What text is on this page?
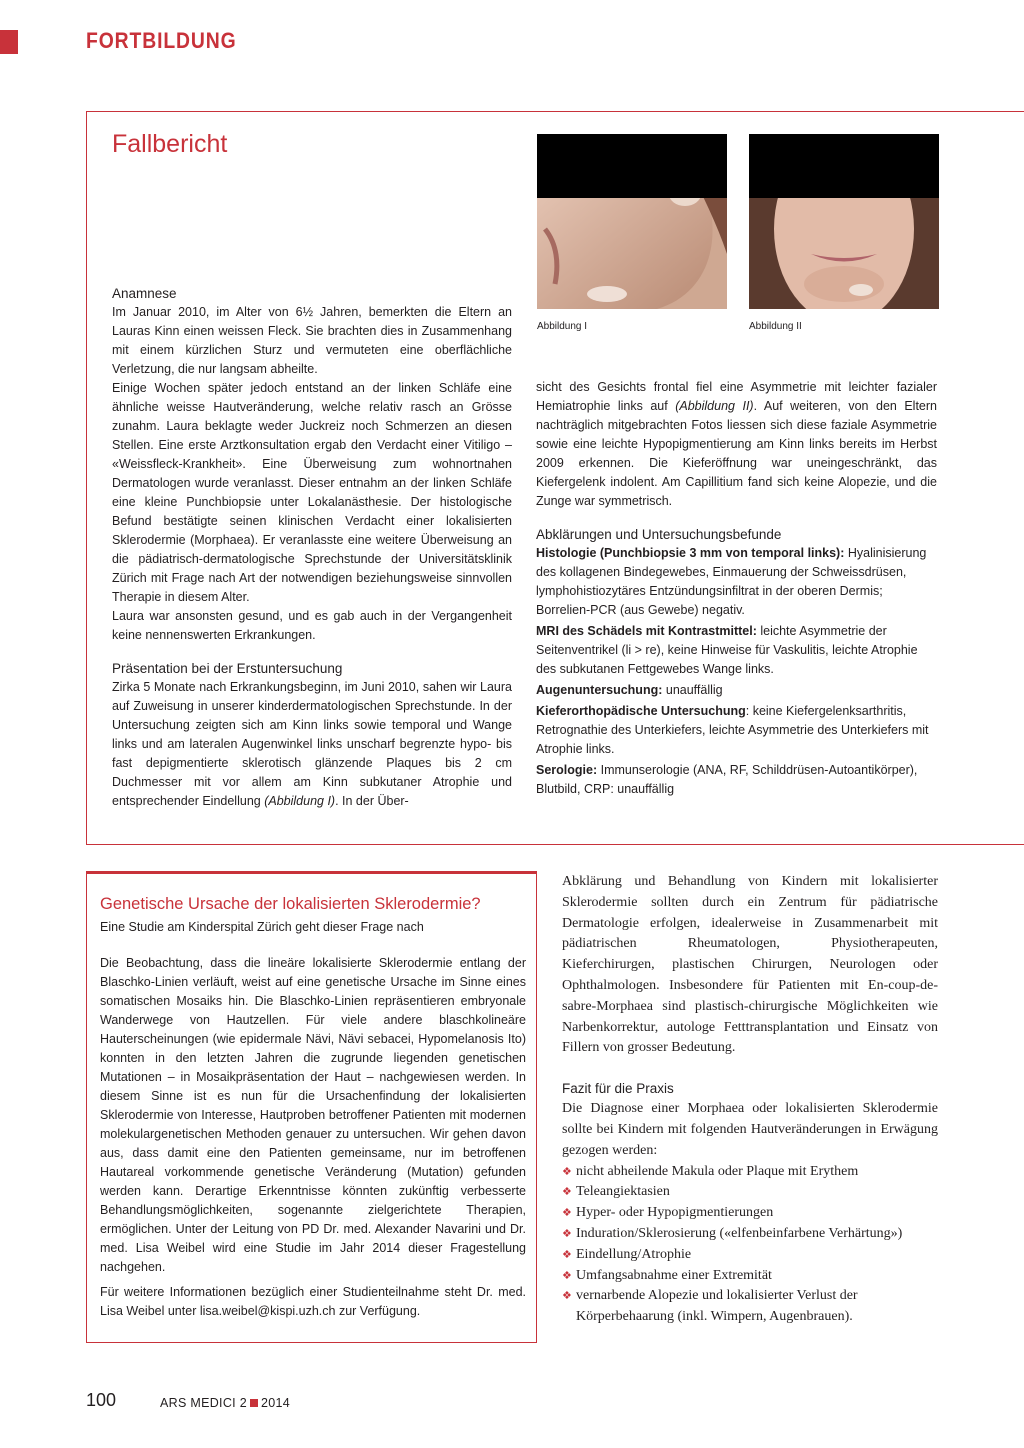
FORTBILDUNG
Fallbericht
Abbildung I	Abbildung II
Anamnese

Im Januar 2010, im Alter von 6½ Jahren, bemerkten die Eltern an Lauras Kinn einen weissen Fleck. Sie brachten dies in Zusammenhang mit einem kürzlichen Sturz und vermuteten eine oberflächliche Verletzung, die nur langsam abheilte.

Einige Wochen später jedoch entstand an der linken Schläfe eine ähnliche weisse Hautveränderung, welche relativ rasch an Grösse zunahm. Laura beklagte weder Juckreiz noch Schmerzen an diesen Stellen. Eine erste Arztkonsultation ergab den Verdacht einer Vitiligo – «Weissfleck-Krankheit». Eine Überweisung zum wohnortnahen Dermatologen wurde veranlasst. Dieser entnahm an der linken Schläfe eine kleine Punchbiopsie unter Lokalanästhesie. Der histologische Befund bestätigte seinen klinischen Verdacht einer lokalisierten Sklerodermie (Morphaea). Er veranlasste eine weitere Überweisung an die pädiatrisch-dermatologische Sprechstunde der Universitätsklinik Zürich mit Frage nach Art der notwendigen beziehungsweise sinnvollen Therapie in diesem Alter.

Laura war ansonsten gesund, und es gab auch in der Vergangenheit keine nennenswerten Erkrankungen.

Präsentation bei der Erstuntersuchung

Zirka 5 Monate nach Erkrankungsbeginn, im Juni 2010, sahen wir Laura auf Zuweisung in unserer kinderdermatologischen Sprechstunde. In der Untersuchung zeigten sich am Kinn links sowie temporal und Wange links und am lateralen Augenwinkel links unscharf begrenzte hypo- bis fast depigmentierte sklerotisch glänzende Plaques bis 2 cm Duchmesser mit vor allem am Kinn subkutaner Atrophie und entsprechender Eindellung (Abbildung I). In der Über-

sicht des Gesichts frontal fiel eine Asymmetrie mit leichter fazialer Hemiatrophie links auf (Abbildung II). Auf weiteren, von den Eltern nachträglich mitgebrachten Fotos liessen sich diese faziale Asymmetrie sowie eine leichte Hypopigmentierung am Kinn links bereits im Herbst 2009 erkennen. Die Kieferöffnung war uneingeschränkt, das Kiefergelenk indolent. Am Capillitium fand sich keine Alopezie, und die Zunge war symmetrisch.

Abklärungen und Untersuchungsbefunde

Histologie (Punchbiopsie 3 mm von temporal links): Hyalinisierung des kollagenen Bindegewebes, Einmauerung der Schweissdrüsen, lymphohistiozytäres Entzündungsinfiltrat in der oberen Dermis; Borrelien-PCR (aus Gewebe) negativ.

MRI des Schädels mit Kontrastmittel: leichte Asymmetrie der Seitenventrikel (li > re), keine Hinweise für Vaskulitis, leichte Atrophie des subkutanen Fettgewebes Wange links.

Augenuntersuchung: unauffällig

Kieferorthopädische Untersuchung: keine Kiefergelenksarthritis, Retrognathie des Unterkiefers, leichte Asymmetrie des Unterkiefers mit Atrophie links.

Serologie: Immunserologie (ANA, RF, Schilddrüsen-Autoantikörper), Blutbild, CRP: unauffällig

Genetische Ursache der lokalisierten Sklerodermie?
Eine Studie am Kinderspital Zürich geht dieser Frage nach

Die Beobachtung, dass die lineäre lokalisierte Sklerodermie entlang der Blaschko-Linien verläuft, weist auf eine genetische Ursache im Sinne eines somatischen Mosaiks hin. Die Blaschko-Linien repräsentieren embryonale Wanderwege von Hautzellen. Für viele andere blaschkolineäre Hauterscheinungen (wie epidermale Nävi, Nävi sebacei, Hypomelanosis Ito) konnten in den letzten Jahren die zugrunde liegenden genetischen Mutationen – in Mosaikpräsentation der Haut – nachgewiesen werden. In diesem Sinne ist es nun für die Ursachenfindung der lokalisierten Sklerodermie von Interesse, Hautproben betroffener Patienten mit modernen molekulargenetischen Methoden genauer zu untersuchen. Wir gehen davon aus, dass damit eine den Patienten gemeinsame, nur im betroffenen Hautareal vorkommende genetische Veränderung (Mutation) gefunden werden kann. Derartige Erkenntnisse könnten zukünftig verbesserte Behandlungsmöglichkeiten, sogenannte zielgerichtete Therapien, ermöglichen. Unter der Leitung von PD Dr. med. Alexander Navarini und Dr. med. Lisa Weibel wird eine Studie im Jahr 2014 dieser Fragestellung nachgehen.

Für weitere Informationen bezüglich einer Studienteilnahme steht Dr. med. Lisa Weibel unter lisa.weibel@kispi.uzh.ch zur Verfügung.

Abklärung und Behandlung von Kindern mit lokalisierter Sklerodermie sollten durch ein Zentrum für pädiatrische Dermatologie erfolgen, idealerweise in Zusammenarbeit mit pädiatrischen Rheumatologen, Physiotherapeuten, Kieferchirurgen, plastischen Chirurgen, Neurologen oder Ophthalmologen. Insbesondere für Patienten mit En-coup-de-sabre-Morphaea sind plastisch-chirurgische Möglichkeiten wie Narbenkorrektur, autologe Fetttransplantation und Einsatz von Fillern von grosser Bedeutung.

Fazit für die Praxis

Die Diagnose einer Morphaea oder lokalisierten Sklerodermie sollte bei Kindern mit folgenden Hautveränderungen in Erwägung gezogen werden:

❖ nicht abheilende Makula oder Plaque mit Erythem
❖ Teleangiektasien
❖ Hyper- oder Hypopigmentierungen
❖ Induration/Sklerosierung («elfenbeinfarbene Verhärtung»)
❖ Eindellung/Atrophie
❖ Umfangsabnahme einer Extremität
❖ vernarbende Alopezie und lokalisierter Verlust der Körperbehaarung (inkl. Wimpern, Augenbrauen).
100	ARS MEDICI 2 2014
